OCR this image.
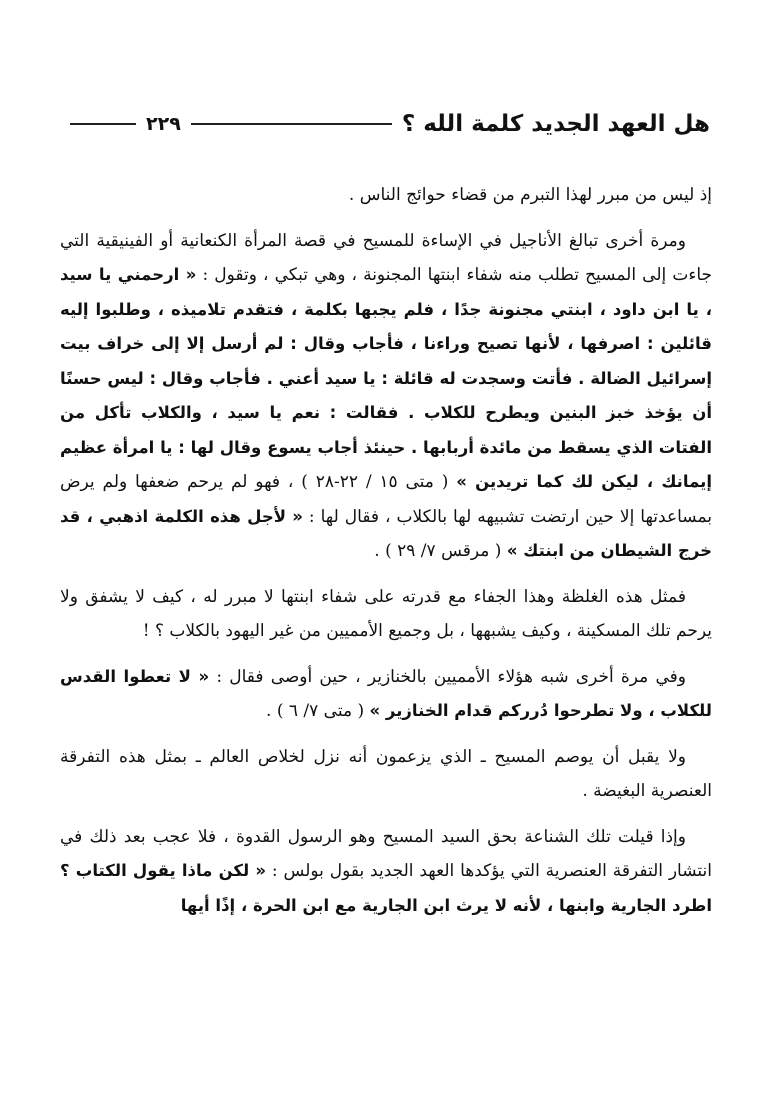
هل العهد الجديد كلمة الله ؟
٢٢٩

إذ ليس من مبرر لهذا التبرم من قضاء حوائج الناس .

ومرة أخرى تبالغ الأناجيل في الإساءة للمسيح في قصة المرأة الكنعانية أو الفينيقية التي جاءت إلى المسيح تطلب منه شفاء ابنتها المجنونة ، وهي تبكي ، وتقول : « ارحمني يا سيد ، يا ابن داود ، ابنتي مجنونة جدًا ، فلم يجبها بكلمة ، فتقدم تلاميذه ، وطلبوا إليه قائلين : اصرفها ، لأنها تصيح وراءنا ، فأجاب وقال : لم أرسل إلا إلى خراف بيت إسرائيل الضالة . فأتت وسجدت له قائلة : يا سيد أعني . فأجاب وقال : ليس حسنًا أن يؤخذ خبز البنين ويطرح للكلاب . فقالت : نعم يا سيد ، والكلاب تأكل من الفتات الذي يسقط من مائدة أربابها . حينئذ أجاب يسوع وقال لها : يا امرأة عظيم إيمانك ، ليكن لك كما تريدين » ( متى ١٥ / ٢٢-٢٨ ) ، فهو لم يرحم ضعفها ولم يرض بمساعدتها إلا حين ارتضت تشبيهه لها بالكلاب ، فقال لها : « لأجل هذه الكلمة اذهبي ، قد خرج الشيطان من ابنتك » ( مرقس ٧/ ٢٩ ) .

فمثل هذه الغلظة وهذا الجفاء مع قدرته على شفاء ابنتها لا مبرر له ، كيف لا يشفق ولا يرحم تلك المسكينة ، وكيف يشبهها ، بل وجميع الأمميين من غير اليهود بالكلاب ؟ !

وفي مرة أخرى شبه هؤلاء الأمميين بالخنازير ، حين أوصى فقال : « لا تعطوا القدس للكلاب ، ولا تطرحوا دُرركم قدام الخنازير » ( متى ٧/ ٦ ) .

ولا يقبل أن يوصم المسيح ـ الذي يزعمون أنه نزل لخلاص العالم ـ بمثل هذه التفرقة العنصرية البغيضة .

وإذا قيلت تلك الشناعة بحق السيد المسيح وهو الرسول القدوة ، فلا عجب بعد ذلك في انتشار التفرقة العنصرية التي يؤكدها العهد الجديد بقول بولس : « لكن ماذا يقول الكتاب ؟ اطرد الجارية وابنها ، لأنه لا يرث ابن الجارية مع ابن الحرة ، إذًا أيها
